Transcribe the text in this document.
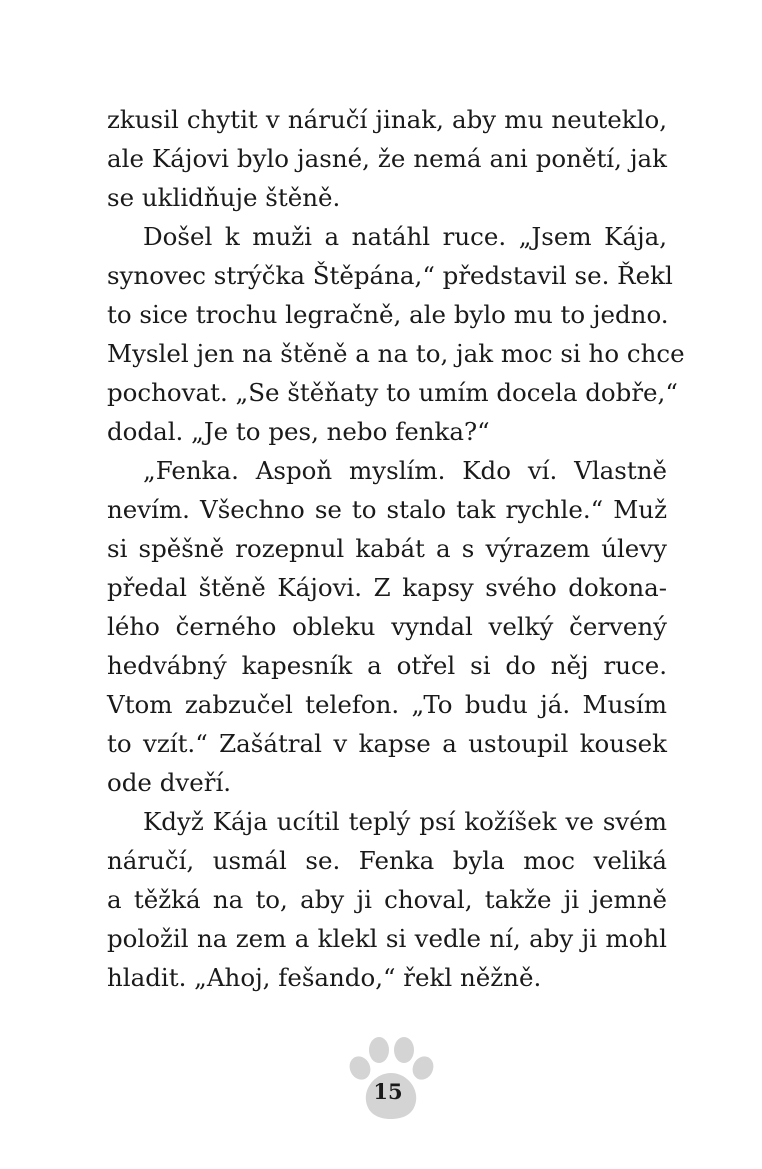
zkusil chytit v náručí jinak, aby mu neuteklo,
ale Kájovi bylo jasné, že nemá ani ponětí, jak
se uklidňuje štěně.
Došel k muži a natáhl ruce. „Jsem Kája,
synovec strýčka Štěpána,“ představil se. Řekl
to sice trochu legračně, ale bylo mu to jedno.
Myslel jen na štěně a na to, jak moc si ho chce
pochovat. „Se štěňaty to umím docela dobře,“
dodal. „Je to pes, nebo fenka?“
„Fenka. Aspoň myslím. Kdo ví. Vlastně
nevím. Všechno se to stalo tak rychle.“ Muž
si spěšně rozepnul kabát a s výrazem úlevy
předal štěně Kájovi. Z kapsy svého dokona-
lého černého obleku vyndal velký červený
hedvábný kapesník a otřel si do něj ruce.
Vtom zabzučel telefon. „To budu já. Musím
to vzít.“ Zašátral v kapse a ustoupil kousek
ode dveří.
Když Kája ucítil teplý psí kožíšek ve svém
náručí, usmál se. Fenka byla moc veliká
a těžká na to, aby ji choval, takže ji jemně
položil na zem a klekl si vedle ní, aby ji mohl
hladit. „Ahoj, fešando,“ řekl něžně.
15
